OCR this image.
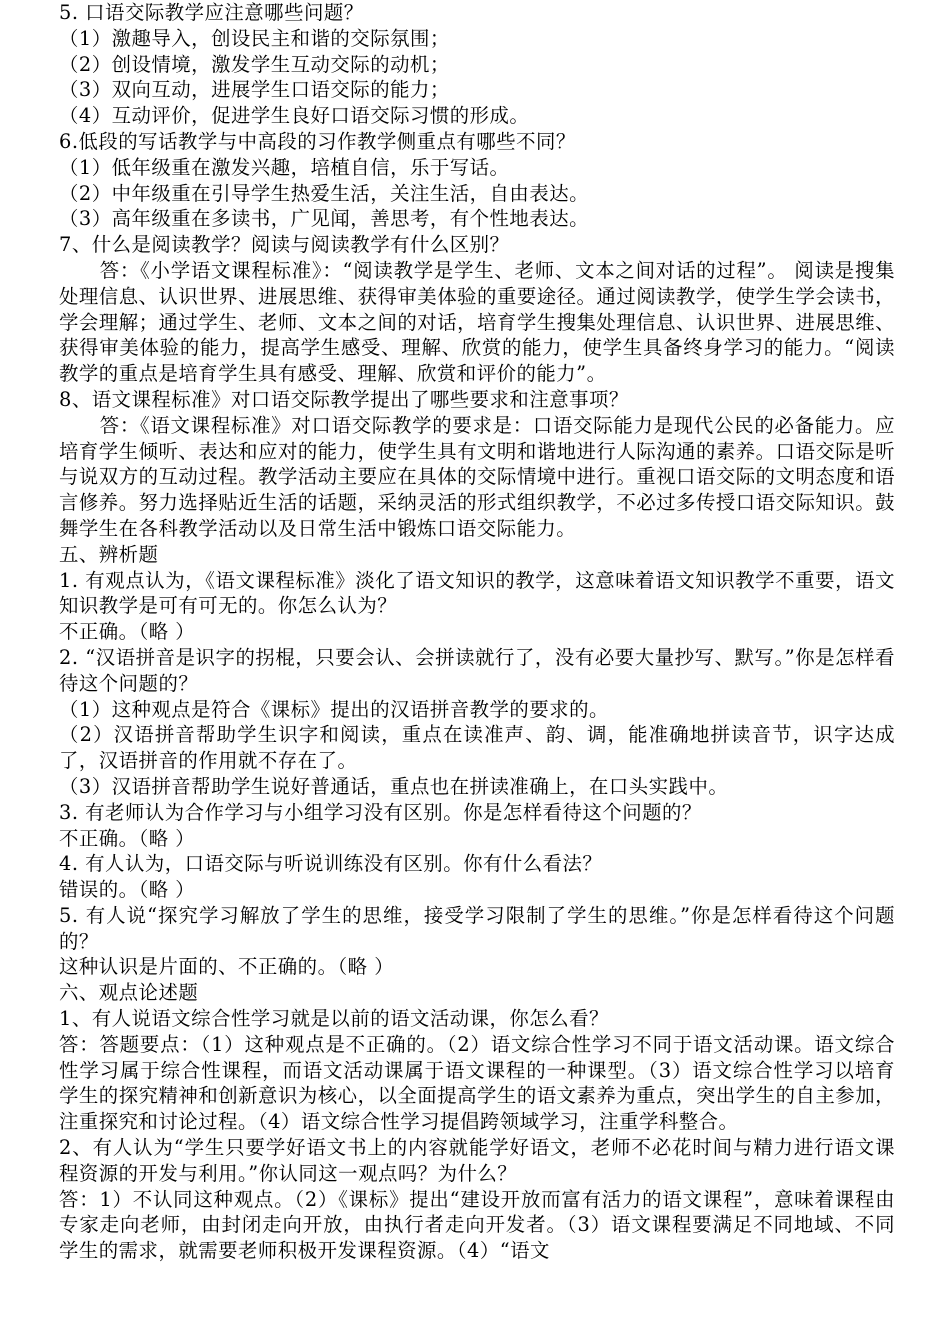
5. 口语交际教学应注意哪些问题？

（1）激趣导入，创设民主和谐的交际氛围；

（2）创设情境，激发学生互动交际的动机；

（3）双向互动，进展学生口语交际的能力；

（4）互动评价，促进学生良好口语交际习惯的形成。

6.低段的写话教学与中高段的习作教学侧重点有哪些不同？

（1）低年级重在激发兴趣，培植自信，乐于写话。

（2）中年级重在引导学生热爱生活，关注生活，自由表达。

（3）高年级重在多读书，广见闻，善思考，有个性地表达。

7、什么是阅读教学？阅读与阅读教学有什么区别？

答：《小学语文课程标准》：“阅读教学是学生、老师、文本之间对话的过程”。 阅读是搜集处理信息、认识世界、进展思维、获得审美体验的重要途径。通过阅读教学，使学生学会读书，学会理解；通过学生、老师、文本之间的对话，培育学生搜集处理信息、认识世界、进展思维、获得审美体验的能力，提高学生感受、理解、欣赏的能力，使学生具备终身学习的能力。“阅读教学的重点是培育学生具有感受、理解、欣赏和评价的能力”。

8、语文课程标准》对口语交际教学提出了哪些要求和注意事项？

答：《语文课程标准》对口语交际教学的要求是：口语交际能力是现代公民的必备能力。应培育学生倾听、表达和应对的能力，使学生具有文明和谐地进行人际沟通的素养。口语交际是听与说双方的互动过程。教学活动主要应在具体的交际情境中进行。重视口语交际的文明态度和语言修养。努力选择贴近生活的话题，采纳灵活的形式组织教学，不必过多传授口语交际知识。鼓舞学生在各科教学活动以及日常生活中锻炼口语交际能力。

五、辨析题

1. 有观点认为，《语文课程标准》淡化了语文知识的教学，这意味着语文知识教学不重要，语文知识教学是可有可无的。你怎么认为？

不正确。（略 ）

2. “汉语拼音是识字的拐棍，只要会认、会拼读就行了，没有必要大量抄写、默写。”你是怎样看待这个问题的？

（1）这种观点是符合《课标》提出的汉语拼音教学的要求的。

（2）汉语拼音帮助学生识字和阅读，重点在读准声、韵、调，能准确地拼读音节，识字达成了，汉语拼音的作用就不存在了。

（3）汉语拼音帮助学生说好普通话，重点也在拼读准确上，在口头实践中。

3. 有老师认为合作学习与小组学习没有区别。你是怎样看待这个问题的？

不正确。（略 ）

4. 有人认为，口语交际与听说训练没有区别。你有什么看法？

错误的。（略 ）

5. 有人说“探究学习解放了学生的思维，接受学习限制了学生的思维。”你是怎样看待这个问题的？

这种认识是片面的、不正确的。（略 ）

六、观点论述题

1、有人说语文综合性学习就是以前的语文活动课，你怎么看？

答：答题要点：（1）这种观点是不正确的。（2）语文综合性学习不同于语文活动课。语文综合性学习属于综合性课程，而语文活动课属于语文课程的一种课型。（3）语文综合性学习以培育学生的探究精神和创新意识为核心，以全面提高学生的语文素养为重点，突出学生的自主参加，注重探究和讨论过程。（4）语文综合性学习提倡跨领域学习，注重学科整合。

2、有人认为“学生只要学好语文书上的内容就能学好语文，老师不必花时间与精力进行语文课程资源的开发与利用。”你认同这一观点吗？为什么？

答：1）不认同这种观点。（2）《课标》提出“建设开放而富有活力的语文课程”，意味着课程由专家走向老师，由封闭走向开放，由执行者走向开发者。（3）语文课程要满足不同地域、不同学生的需求，就需要老师积极开发课程资源。（4）“语文
